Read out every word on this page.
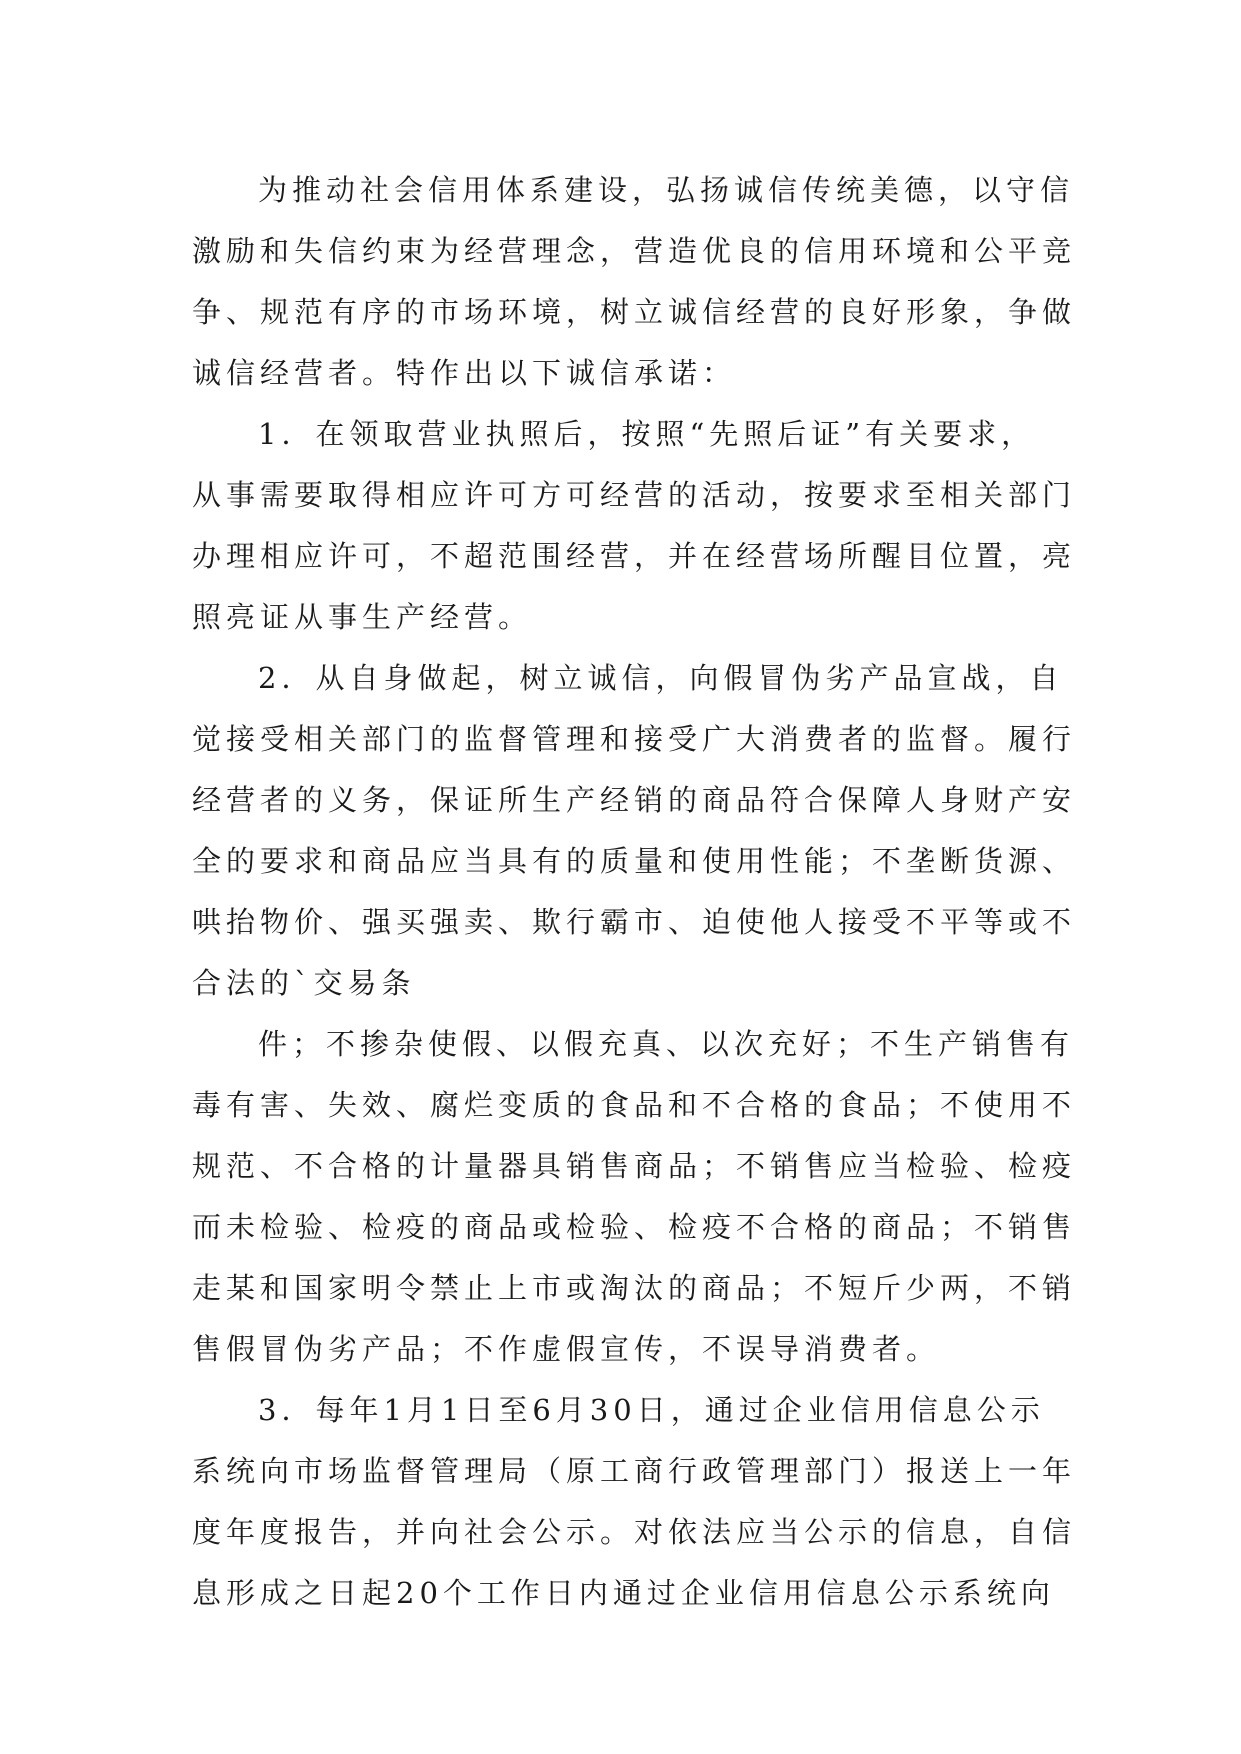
为推动社会信用体系建设，弘扬诚信传统美德，以守信
激励和失信约束为经营理念，营造优良的信用环境和公平竞
争、规范有序的市场环境，树立诚信经营的良好形象，争做
诚信经营者。特作出以下诚信承诺：
1．在领取营业执照后，按照“先照后证”有关要求，
从事需要取得相应许可方可经营的活动，按要求至相关部门
办理相应许可，不超范围经营，并在经营场所醒目位置，亮
照亮证从事生产经营。
2．从自身做起，树立诚信，向假冒伪劣产品宣战，自
觉接受相关部门的监督管理和接受广大消费者的监督。履行
经营者的义务，保证所生产经销的商品符合保障人身财产安
全的要求和商品应当具有的质量和使用性能；不垄断货源、
哄抬物价、强买强卖、欺行霸市、迫使他人接受不平等或不
合法的`交易条
件；不掺杂使假、以假充真、以次充好；不生产销售有
毒有害、失效、腐烂变质的食品和不合格的食品；不使用不
规范、不合格的计量器具销售商品；不销售应当检验、检疫
而未检验、检疫的商品或检验、检疫不合格的商品；不销售
走某和国家明令禁止上市或淘汰的商品；不短斤少两，不销
售假冒伪劣产品；不作虚假宣传，不误导消费者。
3．每年1月1日至6月30日，通过企业信用信息公示
系统向市场监督管理局（原工商行政管理部门）报送上一年
度年度报告，并向社会公示。对依法应当公示的信息，自信
息形成之日起20个工作日内通过企业信用信息公示系统向
